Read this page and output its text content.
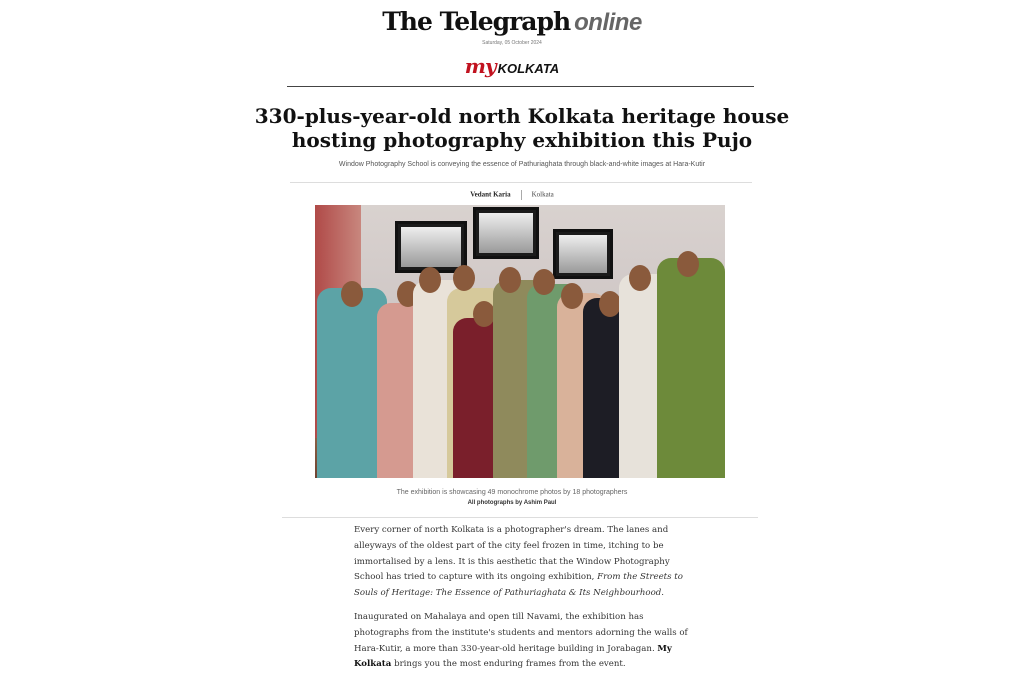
The Telegraph online
Saturday, 05 October 2024
my KOLKATA
330-plus-year-old north Kolkata heritage house
hosting photography exhibition this Pujo
Window Photography School is conveying the essence of Pathuriaghata through black-and-white images at Hara-Kutir
Vedant Karia	Kolkata
The exhibition is showcasing 49 monochrome photos by 18 photographers
All photographs by Ashim Paul

Every corner of north Kolkata is a photographer's dream. The lanes and alleyways of the oldest part of the city feel frozen in time, itching to be immortalised by a lens. It is this aesthetic that the Window Photography School has tried to capture with its ongoing exhibition, From the Streets to Souls of Heritage: The Essence of Pathuriaghata & Its Neighbourhood.

Inaugurated on Mahalaya and open till Navami, the exhibition has photographs from the institute's students and mentors adorning the walls of Hara-Kutir, a more than 330-year-old heritage building in Jorabagan. My Kolkata brings you the most enduring frames from the event.
